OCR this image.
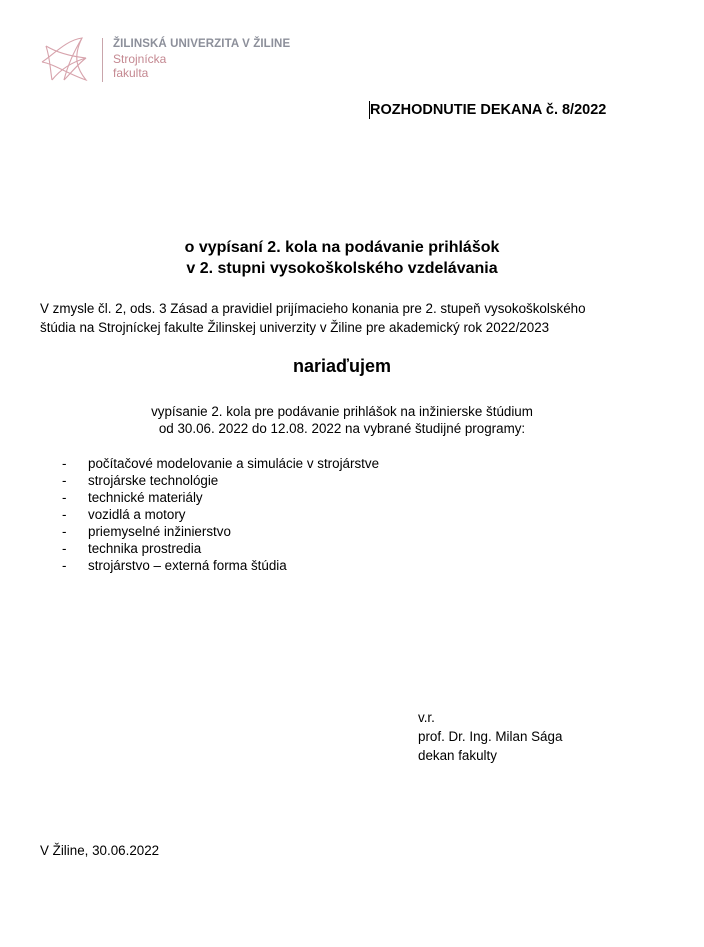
ŽILINSKÁ UNIVERZITA V ŽILINE
Strojnícka
fakulta
ROZHODNUTIE DEKANA č. 8/2022
o vypísaní 2. kola na podávanie prihlášok
v 2. stupni vysokoškolského vzdelávania
V zmysle čl. 2, ods. 3 Zásad a pravidiel prijímacieho konania pre 2. stupeň vysokoškolského
štúdia na Strojníckej fakulte Žilinskej univerzity v Žiline pre akademický rok 2022/2023
nariaďujem
vypísanie 2. kola pre podávanie prihlášok na inžinierske štúdium
od 30.06. 2022 do 12.08. 2022 na vybrané študijné programy:
- počítačové modelovanie a simulácie v strojárstve
- strojárske technológie
- technické materiály
- vozidlá a motory
- priemyselné inžinierstvo
- technika prostredia
- strojárstvo – externá forma štúdia
v.r.
prof. Dr. Ing. Milan Sága
dekan fakulty
V Žiline, 30.06.2022
